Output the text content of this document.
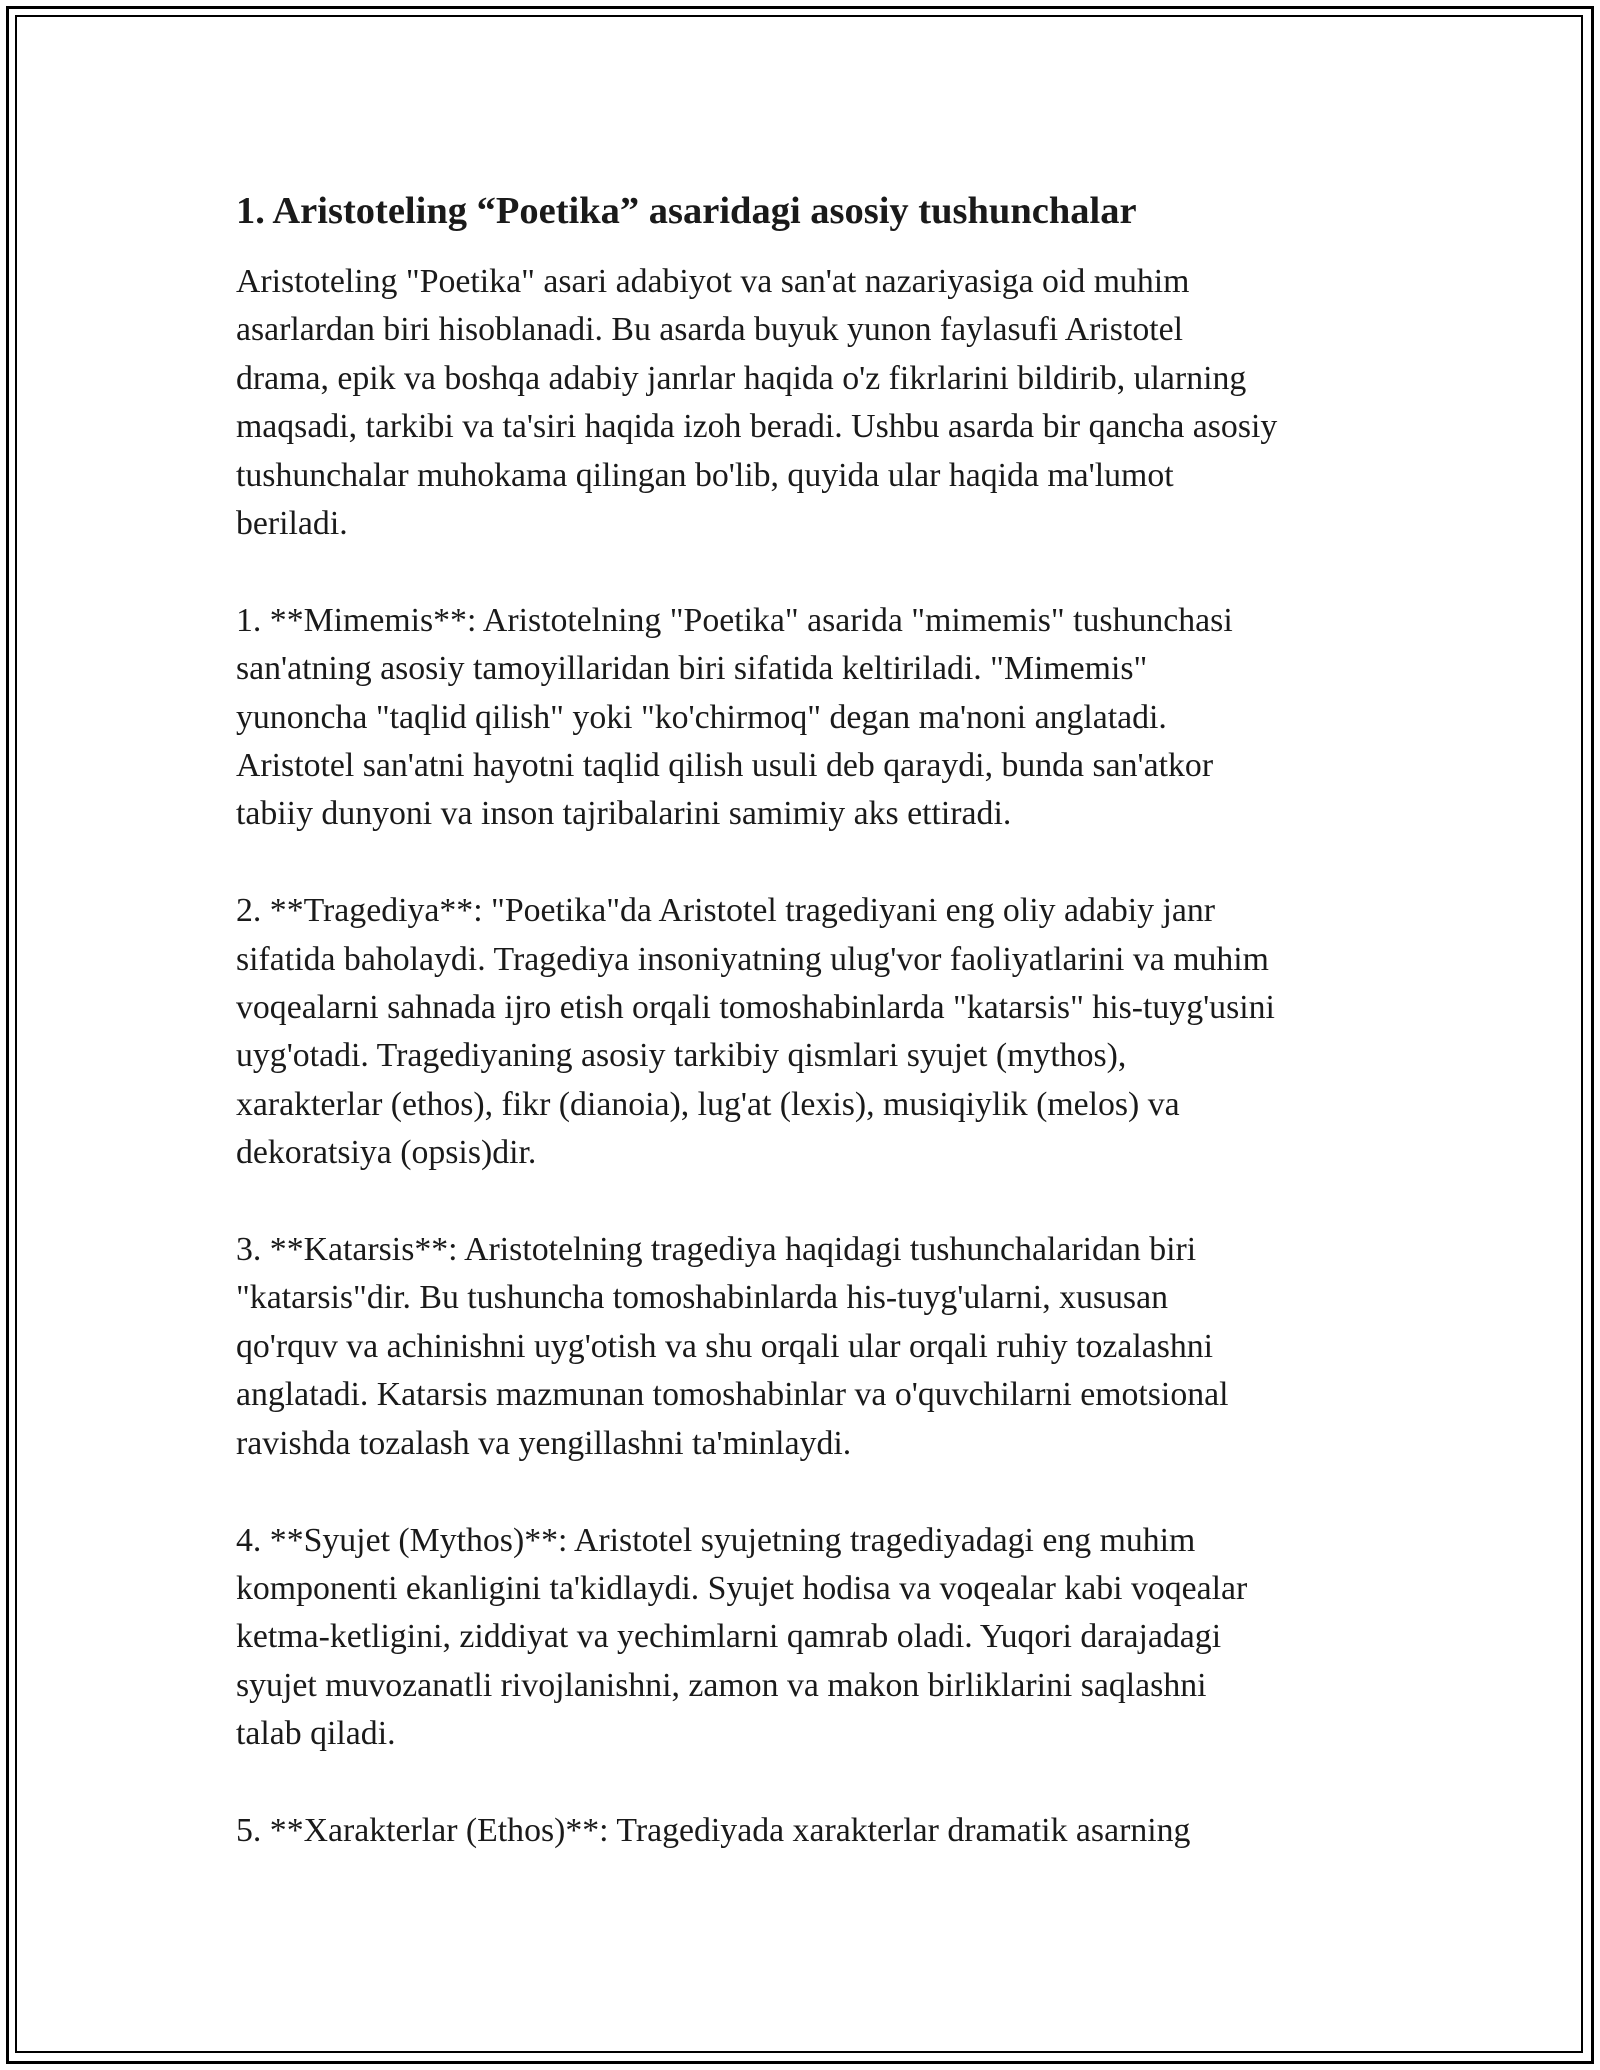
1. Aristoteling “Poetika” asaridagi asosiy tushunchalar

Aristoteling "Poetika" asari adabiyot va san'at nazariyasiga oid muhim
asarlardan biri hisoblanadi. Bu asarda buyuk yunon faylasufi Aristotel
drama, epik va boshqa adabiy janrlar haqida o'z fikrlarini bildirib, ularning
maqsadi, tarkibi va ta'siri haqida izoh beradi. Ushbu asarda bir qancha asosiy
tushunchalar muhokama qilingan bo'lib, quyida ular haqida ma'lumot
beriladi.

1. **Mimemis**: Aristotelning "Poetika" asarida "mimemis" tushunchasi
san'atning asosiy tamoyillaridan biri sifatida keltiriladi. "Mimemis"
yunoncha "taqlid qilish" yoki "ko'chirmoq" degan ma'noni anglatadi.
Aristotel san'atni hayotni taqlid qilish usuli deb qaraydi, bunda san'atkor
tabiiy dunyoni va inson tajribalarini samimiy aks ettiradi.

2. **Tragediya**: "Poetika"da Aristotel tragediyani eng oliy adabiy janr
sifatida baholaydi. Tragediya insoniyatning ulug'vor faoliyatlarini va muhim
voqealarni sahnada ijro etish orqali tomoshabinlarda "katarsis" his-tuyg'usini
uyg'otadi. Tragediyaning asosiy tarkibiy qismlari syujet (mythos),
xarakterlar (ethos), fikr (dianoia), lug'at (lexis), musiqiylik (melos) va
dekoratsiya (opsis)dir.

3. **Katarsis**: Aristotelning tragediya haqidagi tushunchalaridan biri
"katarsis"dir. Bu tushuncha tomoshabinlarda his-tuyg'ularni, xususan
qo'rquv va achinishni uyg'otish va shu orqali ular orqali ruhiy tozalashni
anglatadi. Katarsis mazmunan tomoshabinlar va o'quvchilarni emotsional
ravishda tozalash va yengillashni ta'minlaydi.

4. **Syujet (Mythos)**: Aristotel syujetning tragediyadagi eng muhim
komponenti ekanligini ta'kidlaydi. Syujet hodisa va voqealar kabi voqealar
ketma-ketligini, ziddiyat va yechimlarni qamrab oladi. Yuqori darajadagi
syujet muvozanatli rivojlanishni, zamon va makon birliklarini saqlashni
talab qiladi.

5. **Xarakterlar (Ethos)**: Tragediyada xarakterlar dramatik asarning
